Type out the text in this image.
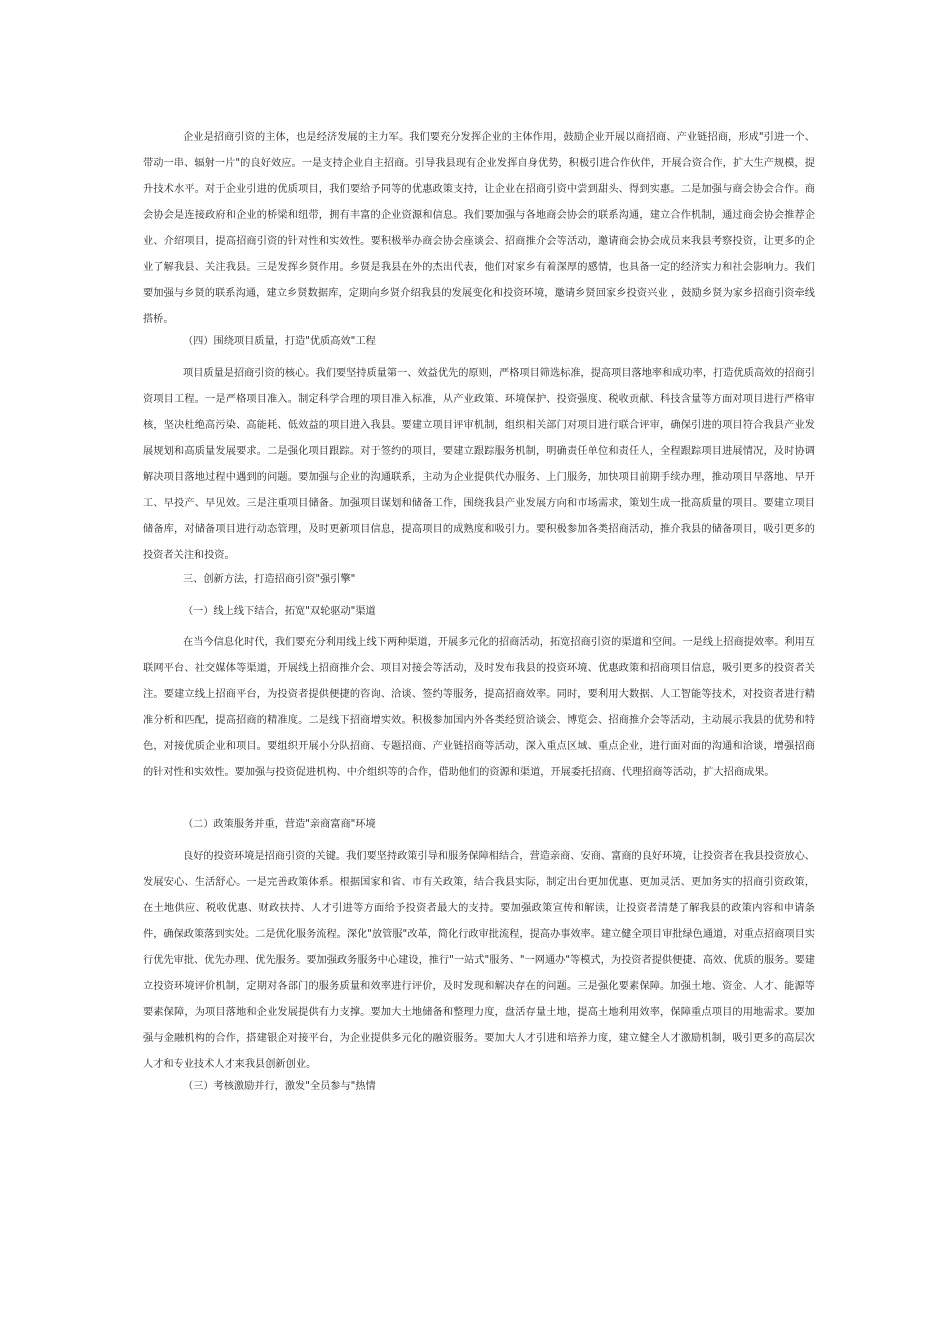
企业是招商引资的主体，也是经济发展的主力军。我们要充分发挥企业的主体作用，鼓励企业开展以商招商、产业链招商，形成"引进一个、带动一串、辐射一片"的良好效应。一是支持企业自主招商。引导我县现有企业发挥自身优势，积极引进合作伙伴，开展合资合作，扩大生产规模，提升技术水平。对于企业引进的优质项目，我们要给予同等的优惠政策支持，让企业在招商引资中尝到甜头、得到实惠。二是加强与商会协会合作。商会协会是连接政府和企业的桥梁和纽带，拥有丰富的企业资源和信息。我们要加强与各地商会协会的联系沟通，建立合作机制，通过商会协会推荐企业、介绍项目，提高招商引资的针对性和实效性。要积极举办商会协会座谈会、招商推介会等活动，邀请商会协会成员来我县考察投资，让更多的企业了解我县、关注我县。三是发挥乡贤作用。乡贤是我县在外的杰出代表，他们对家乡有着深厚的感情，也具备一定的经济实力和社会影响力。我们要加强与乡贤的联系沟通，建立乡贤数据库，定期向乡贤介绍我县的发展变化和投资环境，邀请乡贤回家乡投资兴业 ，鼓励乡贤为家乡招商引资牵线搭桥。

（四）围绕项目质量，打造"优质高效"工程

项目质量是招商引资的核心。我们要坚持质量第一、效益优先的原则，严格项目筛选标准，提高项目落地率和成功率，打造优质高效的招商引资项目工程。一是严格项目准入。制定科学合理的项目准入标准，从产业政策、环境保护、投资强度、税收贡献、科技含量等方面对项目进行严格审核，坚决杜绝高污染、高能耗、低效益的项目进入我县。要建立项目评审机制，组织相关部门对项目进行联合评审，确保引进的项目符合我县产业发展规划和高质量发展要求。二是强化项目跟踪。对于签约的项目，要建立跟踪服务机制，明确责任单位和责任人，全程跟踪项目进展情况，及时协调解决项目落地过程中遇到的问题。要加强与企业的沟通联系，主动为企业提供代办服务、上门服务，加快项目前期手续办理，推动项目早落地、早开工、早投产、早见效。三是注重项目储备。加强项目谋划和储备工作，围绕我县产业发展方向和市场需求，策划生成一批高质量的项目。要建立项目储备库，对储备项目进行动态管理，及时更新项目信息，提高项目的成熟度和吸引力。要积极参加各类招商活动，推介我县的储备项目，吸引更多的投资者关注和投资。

三、创新方法，打造招商引资"强引擎"

（一）线上线下结合，拓宽"双轮驱动"渠道

在当今信息化时代，我们要充分利用线上线下两种渠道，开展多元化的招商活动，拓宽招商引资的渠道和空间。一是线上招商提效率。利用互联网平台、社交媒体等渠道，开展线上招商推介会、项目对接会等活动，及时发布我县的投资环境、优惠政策和招商项目信息，吸引更多的投资者关注。要建立线上招商平台，为投资者提供便捷的咨询、洽谈、签约等服务，提高招商效率。同时，要利用大数据、人工智能等技术，对投资者进行精准分析和匹配，提高招商的精准度。二是线下招商增实效。积极参加国内外各类经贸洽谈会、博览会、招商推介会等活动，主动展示我县的优势和特色，对接优质企业和项目。要组织开展小分队招商、专题招商、产业链招商等活动，深入重点区域、重点企业，进行面对面的沟通和洽谈，增强招商的针对性和实效性。要加强与投资促进机构、中介组织等的合作，借助他们的资源和渠道，开展委托招商、代理招商等活动，扩大招商成果。

（二）政策服务并重，营造"亲商富商"环境

良好的投资环境是招商引资的关键。我们要坚持政策引导和服务保障相结合，营造亲商、安商、富商的良好环境，让投资者在我县投资放心、发展安心、生活舒心。一是完善政策体系。根据国家和省、市有关政策，结合我县实际，制定出台更加优惠、更加灵活、更加务实的招商引资政策，在土地供应、税收优惠、财政扶持、人才引进等方面给予投资者最大的支持。要加强政策宣传和解读，让投资者清楚了解我县的政策内容和申请条件，确保政策落到实处。二是优化服务流程。深化"放管服"改革，简化行政审批流程，提高办事效率。建立健全项目审批绿色通道，对重点招商项目实行优先审批、优先办理、优先服务。要加强政务服务中心建设，推行"一站式"服务、"一网通办"等模式，为投资者提供便捷、高效、优质的服务。要建立投资环境评价机制，定期对各部门的服务质量和效率进行评价，及时发现和解决存在的问题。三是强化要素保障。加强土地、资金、人才、能源等要素保障，为项目落地和企业发展提供有力支撑。要加大土地储备和整理力度，盘活存量土地，提高土地利用效率，保障重点项目的用地需求。要加强与金融机构的合作，搭建银企对接平台，为企业提供多元化的融资服务。要加大人才引进和培养力度，建立健全人才激励机制，吸引更多的高层次人才和专业技术人才来我县创新创业。

（三）考核激励并行，激发"全员参与"热情
